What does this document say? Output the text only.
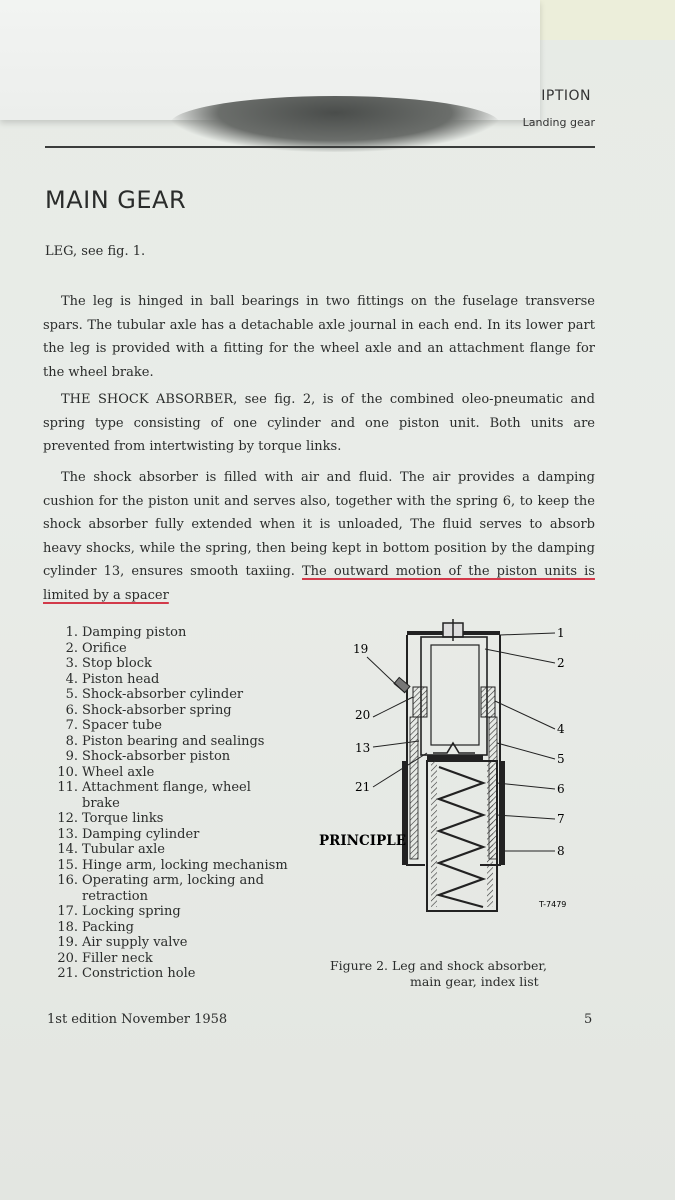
IPTION
Landing gear
MAIN GEAR
LEG, see fig. 1.

The leg is hinged in ball bearings in two fittings on the fuselage transverse spars. The tubular axle has a detachable axle journal in each end. In its lower part the leg is provided with a fitting for the wheel axle and an attachment flange for the wheel brake.

THE SHOCK ABSORBER, see fig. 2, is of the combined oleo-pneumatic and spring type consisting of one cylinder and one piston unit. Both units are prevented from intertwisting by torque links.

The shock absorber is filled with air and fluid. The air provides a damping cushion for the piston unit and serves also, together with the spring 6, to keep the shock absorber fully extended when it is unloaded, The fluid serves to absorb heavy shocks, while the spring, then being kept in bottom position by the damping cylinder 13, ensures smooth taxiing. The outward motion of the piston units is limited by a spacer

1. Damping piston
2. Orifice
3. Stop block
4. Piston head
5. Shock-absorber cylinder
6. Shock-absorber spring
7. Spacer tube
8. Piston bearing and sealings
9. Shock-absorber piston
10. Wheel axle
11. Attachment flange, wheel brake
12. Torque links
13. Damping cylinder
14. Tubular axle
15. Hinge arm, locking mechanism
16. Operating arm, locking and retraction
17. Locking spring
18. Packing
19. Air supply valve
20. Filler neck
21. Constriction hole
19
20
13
21
1
2
4
5
6
7
8
PRINCIPLE
T-7479
Figure 2. Leg and shock absorber,
main gear, index list
1st edition November 1958	5
